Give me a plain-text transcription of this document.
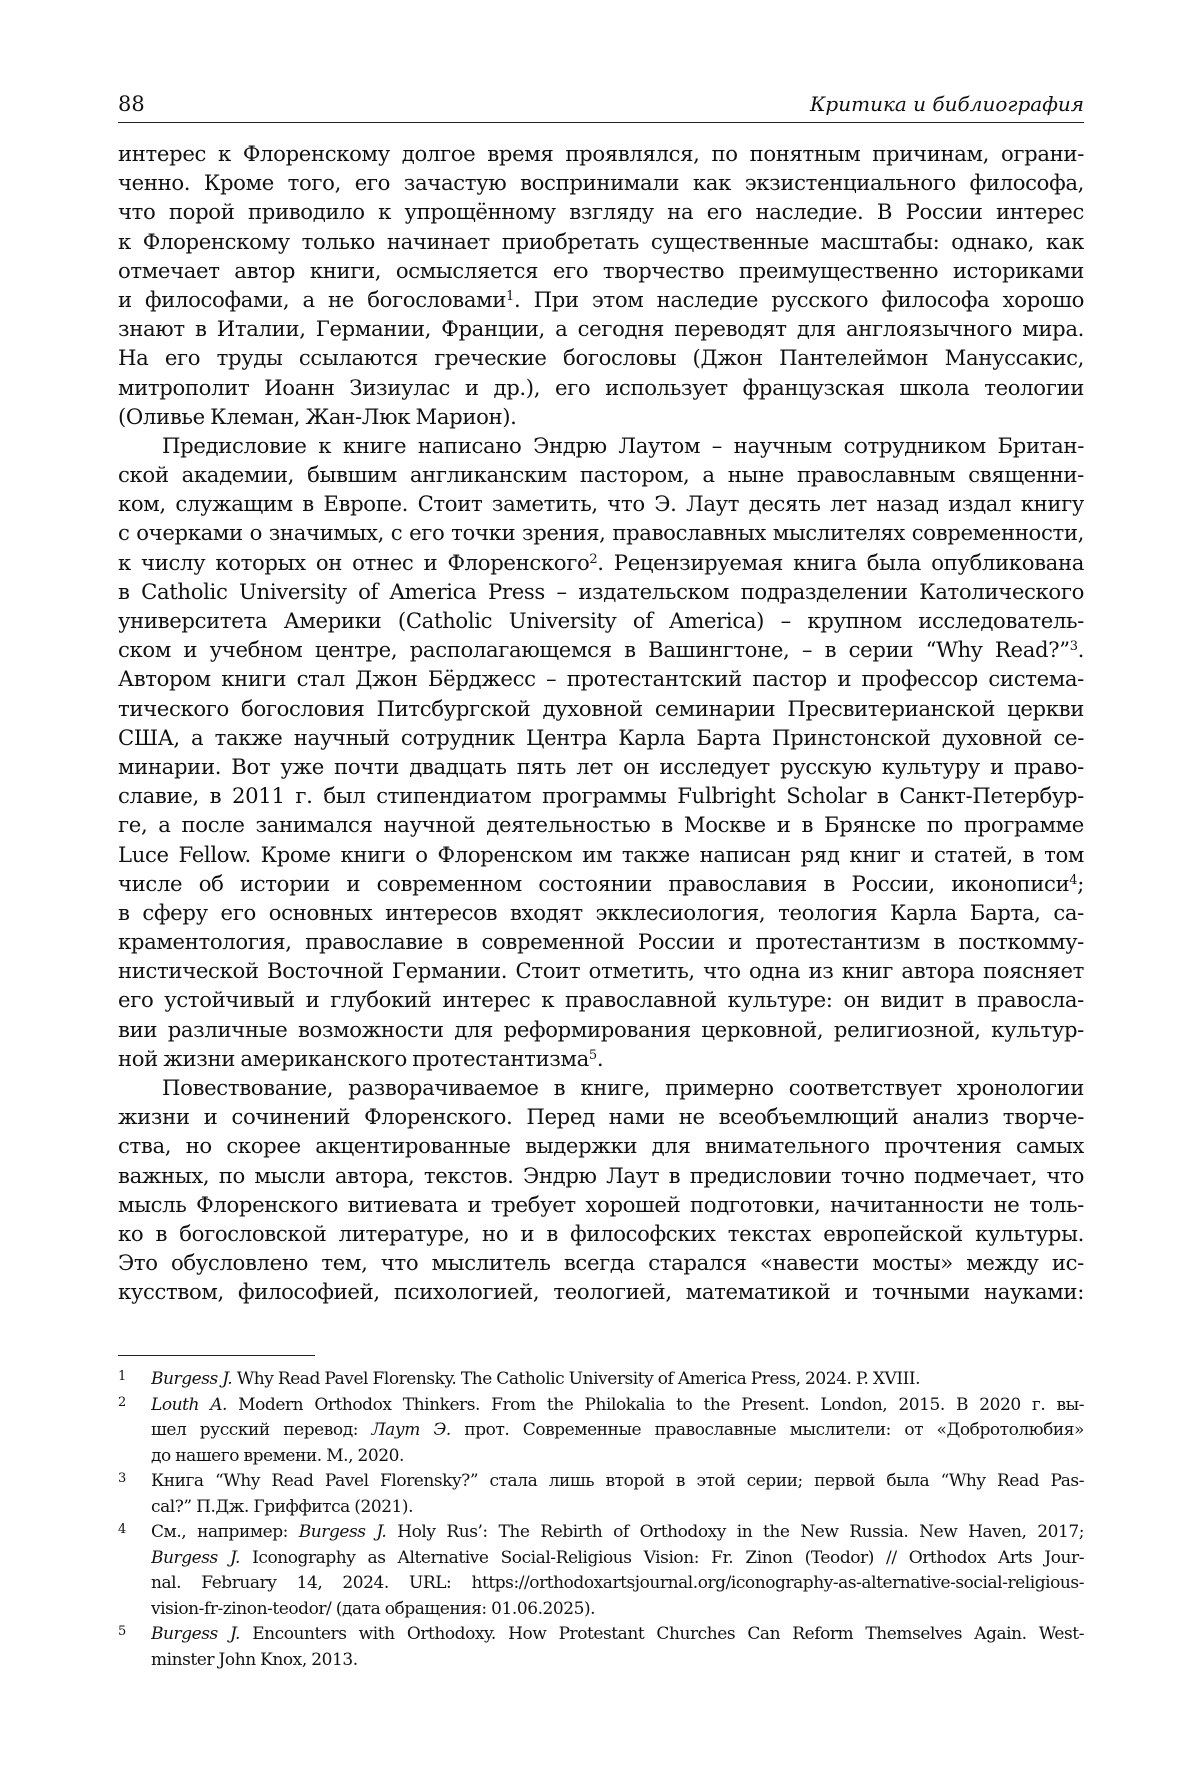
88	Критика и библиография
интерес к Флоренскому долгое время проявлялся, по понятным причинам, ограни-
ченно. Кроме того, его зачастую воспринимали как экзистенциального философа,
что порой приводило к упрощённому взгляду на его наследие. В России интерес
к Флоренскому только начинает приобретать существенные масштабы: однако, как
отмечает автор книги, осмысляется его творчество преимущественно историками
и философами, а не богословами$^1$. При этом наследие русского философа хорошо
знают в Италии, Германии, Франции, а сегодня переводят для англоязычного мира.
На его труды ссылаются греческие богословы (Джон Пантелеймон Мануссакис,
митрополит Иоанн Зизиулас и др.), его использует французская школа теологии
(Оливье Клеман, Жан-Люк Марион).
Предисловие к книге написано Эндрю Лаутом – научным сотрудником Британ-
ской академии, бывшим англиканским пастором, а ныне православным священни-
ком, служащим в Европе. Стоит заметить, что Э. Лаут десять лет назад издал книгу
с очерками о значимых, с его точки зрения, православных мыслителях современности,
к числу которых он отнес и Флоренского$^2$. Рецензируемая книга была опубликована
в Catholic University of America Press – издательском подразделении Католического
университета Америки (Catholic University of America) – крупном исследователь-
ском и учебном центре, располагающемся в Вашингтоне, – в серии “Why Read?”$^3$.
Автором книги стал Джон Бёрджесс – протестантский пастор и профессор система-
тического богословия Питсбургской духовной семинарии Пресвитерианской церкви
США, а также научный сотрудник Центра Карла Барта Принстонской духовной се-
минарии. Вот уже почти двадцать пять лет он исследует русскую культуру и право-
славие, в 2011 г. был стипендиатом программы Fulbright Scholar в Санкт-Петербур-
ге, а после занимался научной деятельностью в Москве и в Брянске по программе
Luce Fellow. Кроме книги о Флоренском им также написан ряд книг и статей, в том
числе об истории и современном состоянии православия в России, иконописи$^4$;
в сферу его основных интересов входят экклесиология, теология Карла Барта, са-
краментология, православие в современной России и протестантизм в посткомму-
нистической Восточной Германии. Стоит отметить, что одна из книг автора поясняет
его устойчивый и глубокий интерес к православной культуре: он видит в правосла-
вии различные возможности для реформирования церковной, религиозной, культур-
ной жизни американского протестантизма$^5$.
Повествование, разворачиваемое в книге, примерно соответствует хронологии
жизни и сочинений Флоренского. Перед нами не всеобъемлющий анализ творче-
ства, но скорее акцентированные выдержки для внимательного прочтения самых
важных, по мысли автора, текстов. Эндрю Лаут в предисловии точно подмечает, что
мысль Флоренского витиевата и требует хорошей подготовки, начитанности не толь-
ко в богословской литературе, но и в философских текстах европейской культуры.
Это обусловлено тем, что мыслитель всегда старался «навести мосты» между ис-
кусством, философией, психологией, теологией, математикой и точными науками:
1 Burgess J. Why Read Pavel Florensky. The Catholic University of America Press, 2024. P. XVIII.
2 Louth A. Modern Orthodox Thinkers. From the Philokalia to the Present. London, 2015. В 2020 г. вы-
шел русский перевод: Лаут Э. прот. Современные православные мыслители: от «Добротолюбия»
до нашего времени. М., 2020.
3 Книга “Why Read Pavel Florensky?” стала лишь второй в этой серии; первой была “Why Read Pas-
cal?” П.Дж. Гриффитса (2021).
4 См., например: Burgess J. Holy Rus’: The Rebirth of Orthodoxy in the New Russia. New Haven, 2017;
Burgess J. Iconography as Alternative Social-Religious Vision: Fr. Zinon (Teodor) // Orthodox Arts Jour-
nal. February 14, 2024. URL: https://orthodoxartsjournal.org/iconography-as-alternative-social-religious-
vision-fr-zinon-teodor/ (дата обращения: 01.06.2025).
5 Burgess J. Encounters with Orthodoxy. How Protestant Churches Can Reform Themselves Again. West-
minster John Knox, 2013.
